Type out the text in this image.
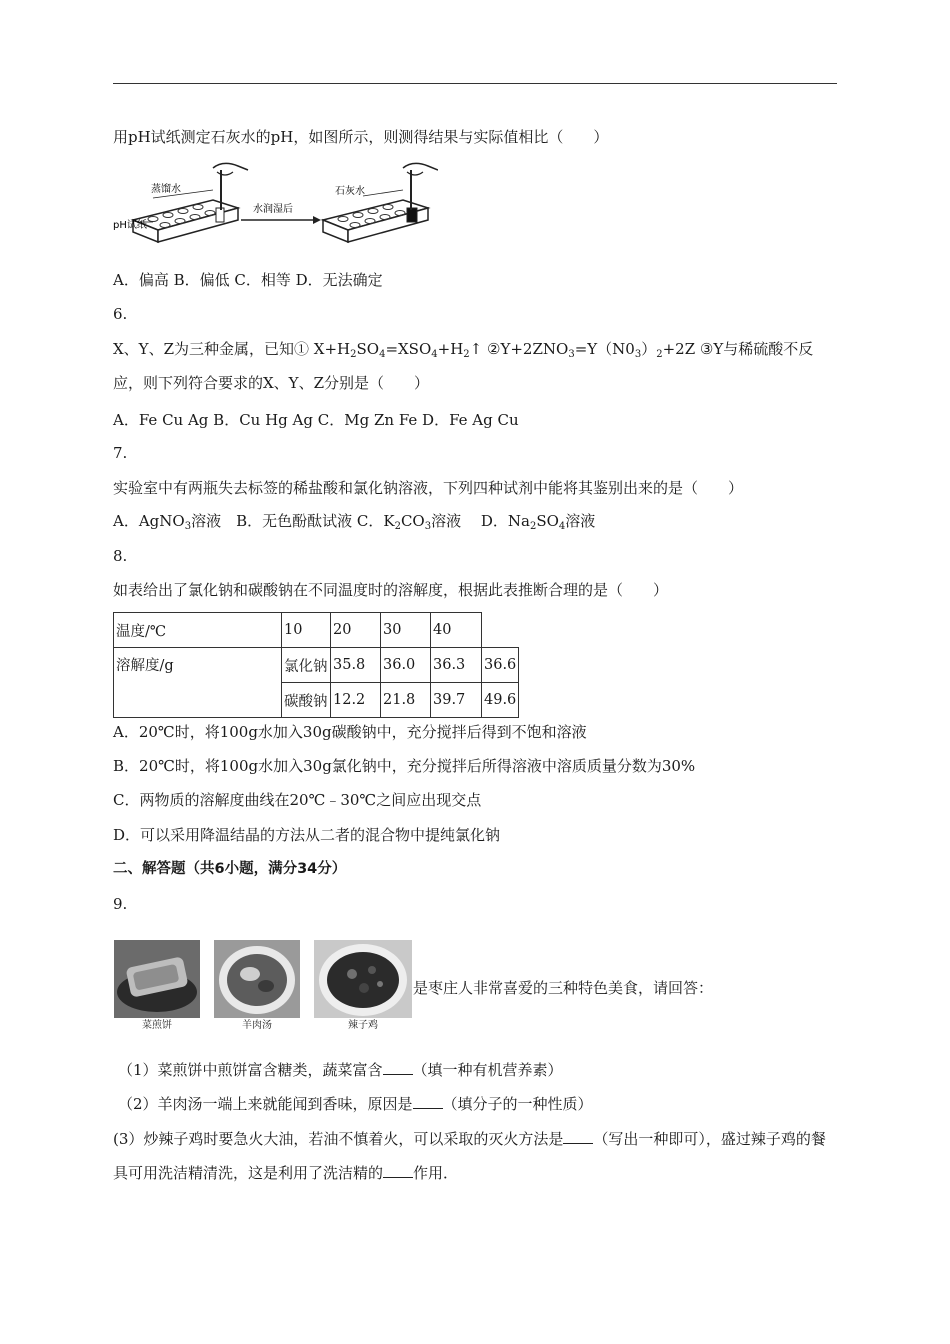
用pH试纸测定石灰水的pH，如图所示，则测得结果与实际值相比（　　）
蒸馏水
pH试纸
水润湿后
石灰水
A．偏高 B．偏低 C．相等 D．无法确定
6.
X、Y、Z为三种金属，已知① $X+H_2SO_4=XSO_4+H_2↑$ $②Y+2ZNO_3=Y(N0_3)_2+2Z$ ③Y与稀硫酸不反应，则下列符合要求的X、Y、Z分别是（　　）
A．Fe Cu Ag B．Cu Hg Ag C．Mg Zn Fe D．Fe Ag Cu
7.
实验室中有两瓶失去标签的稀盐酸和氯化钠溶液，下列四种试剂中能将其鉴别出来的是（　　）
A．AgNO$_3$溶液　B．无色酚酞试液 C．$K_2CO_3$溶液　 D．$Na_2SO_4$溶液
8.
如表给出了氯化钠和碳酸钠在不同温度时的溶解度，根据此表推断合理的是（　　）
温度/℃	10	20	30	40	
溶解度/g	氯化钠	35.8	36.0	36.3	36.6
	碳酸钠	12.2	21.8	39.7	49.6
A．20℃时，将100g水加入30g碳酸钠中，充分搅拌后得到不饱和溶液
B．20℃时，将100g水加入30g氯化钠中，充分搅拌后所得溶液中溶质质量分数为30%
C．两物质的溶解度曲线在20℃﹣30℃之间应出现交点
D．可以采用降温结晶的方法从二者的混合物中提纯氯化钠
二、解答题（共6小题，满分34分）
9.
菜煎饼	羊肉汤	辣子鸡
是枣庄人非常喜爱的三种特色美食，请回答：
（1）菜煎饼中煎饼富含糖类，蔬菜富含 （填一种有机营养素）
（2）羊肉汤一端上来就能闻到香味，原因是 （填分子的一种性质）
(3）炒辣子鸡时要急火大油，若油不慎着火，可以采取的灭火方法是 （写出一种即可），盛过辣子鸡的餐具可用洗洁精清洗，这是利用了洗洁精的 作用．
